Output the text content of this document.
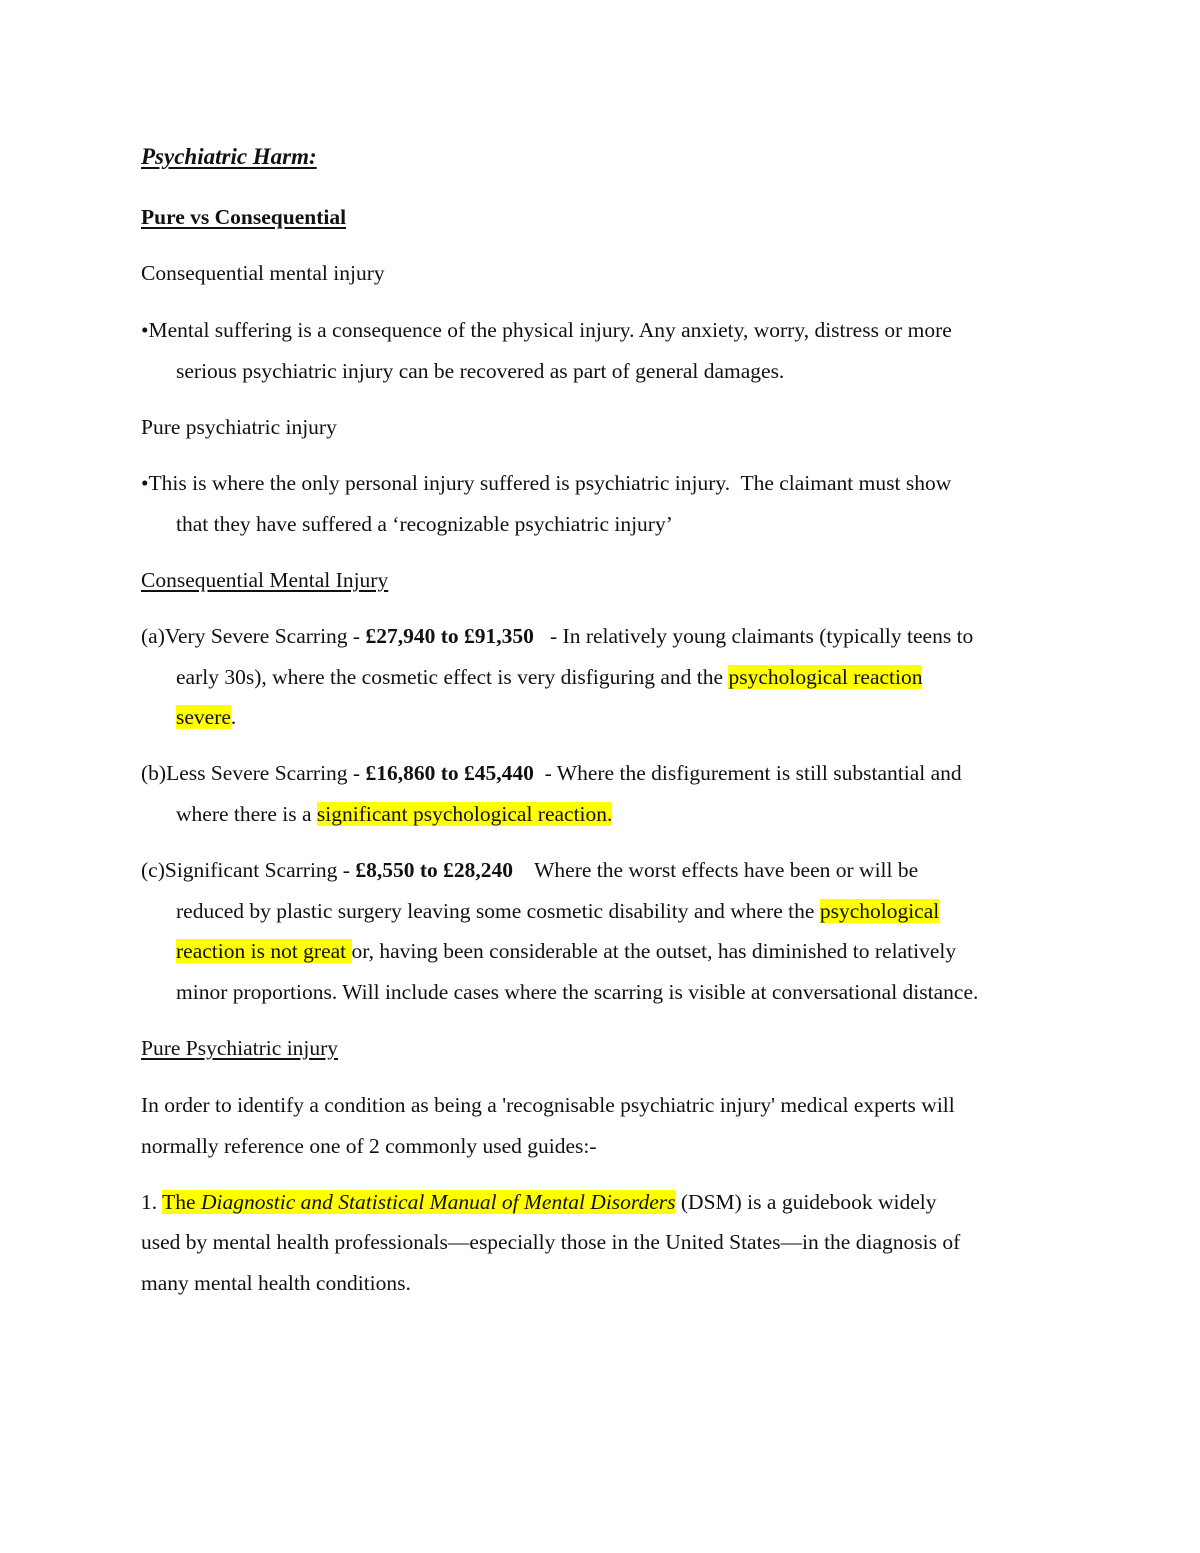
Psychiatric Harm:
Pure vs Consequential
Consequential mental injury
•Mental suffering is a consequence of the physical injury. Any anxiety, worry, distress or more
serious psychiatric injury can be recovered as part of general damages.
Pure psychiatric injury
•This is where the only personal injury suffered is psychiatric injury.  The claimant must show
that they have suffered a ‘recognizable psychiatric injury’
Consequential Mental Injury
(a)Very Severe Scarring - £27,940 to £91,350   - In relatively young claimants (typically teens to
early 30s), where the cosmetic effect is very disfiguring and the psychological reaction
severe.
(b)Less Severe Scarring - £16,860 to £45,440  - Where the disfigurement is still substantial and
where there is a significant psychological reaction.
(c)Significant Scarring - £8,550 to £28,240    Where the worst effects have been or will be
reduced by plastic surgery leaving some cosmetic disability and where the psychological
reaction is not great or, having been considerable at the outset, has diminished to relatively
minor proportions. Will include cases where the scarring is visible at conversational distance.
Pure Psychiatric injury
In order to identify a condition as being a 'recognisable psychiatric injury' medical experts will
normally reference one of 2 commonly used guides:-
1. The Diagnostic and Statistical Manual of Mental Disorders (DSM) is a guidebook widely
used by mental health professionals—especially those in the United States—in the diagnosis of
many mental health conditions.
